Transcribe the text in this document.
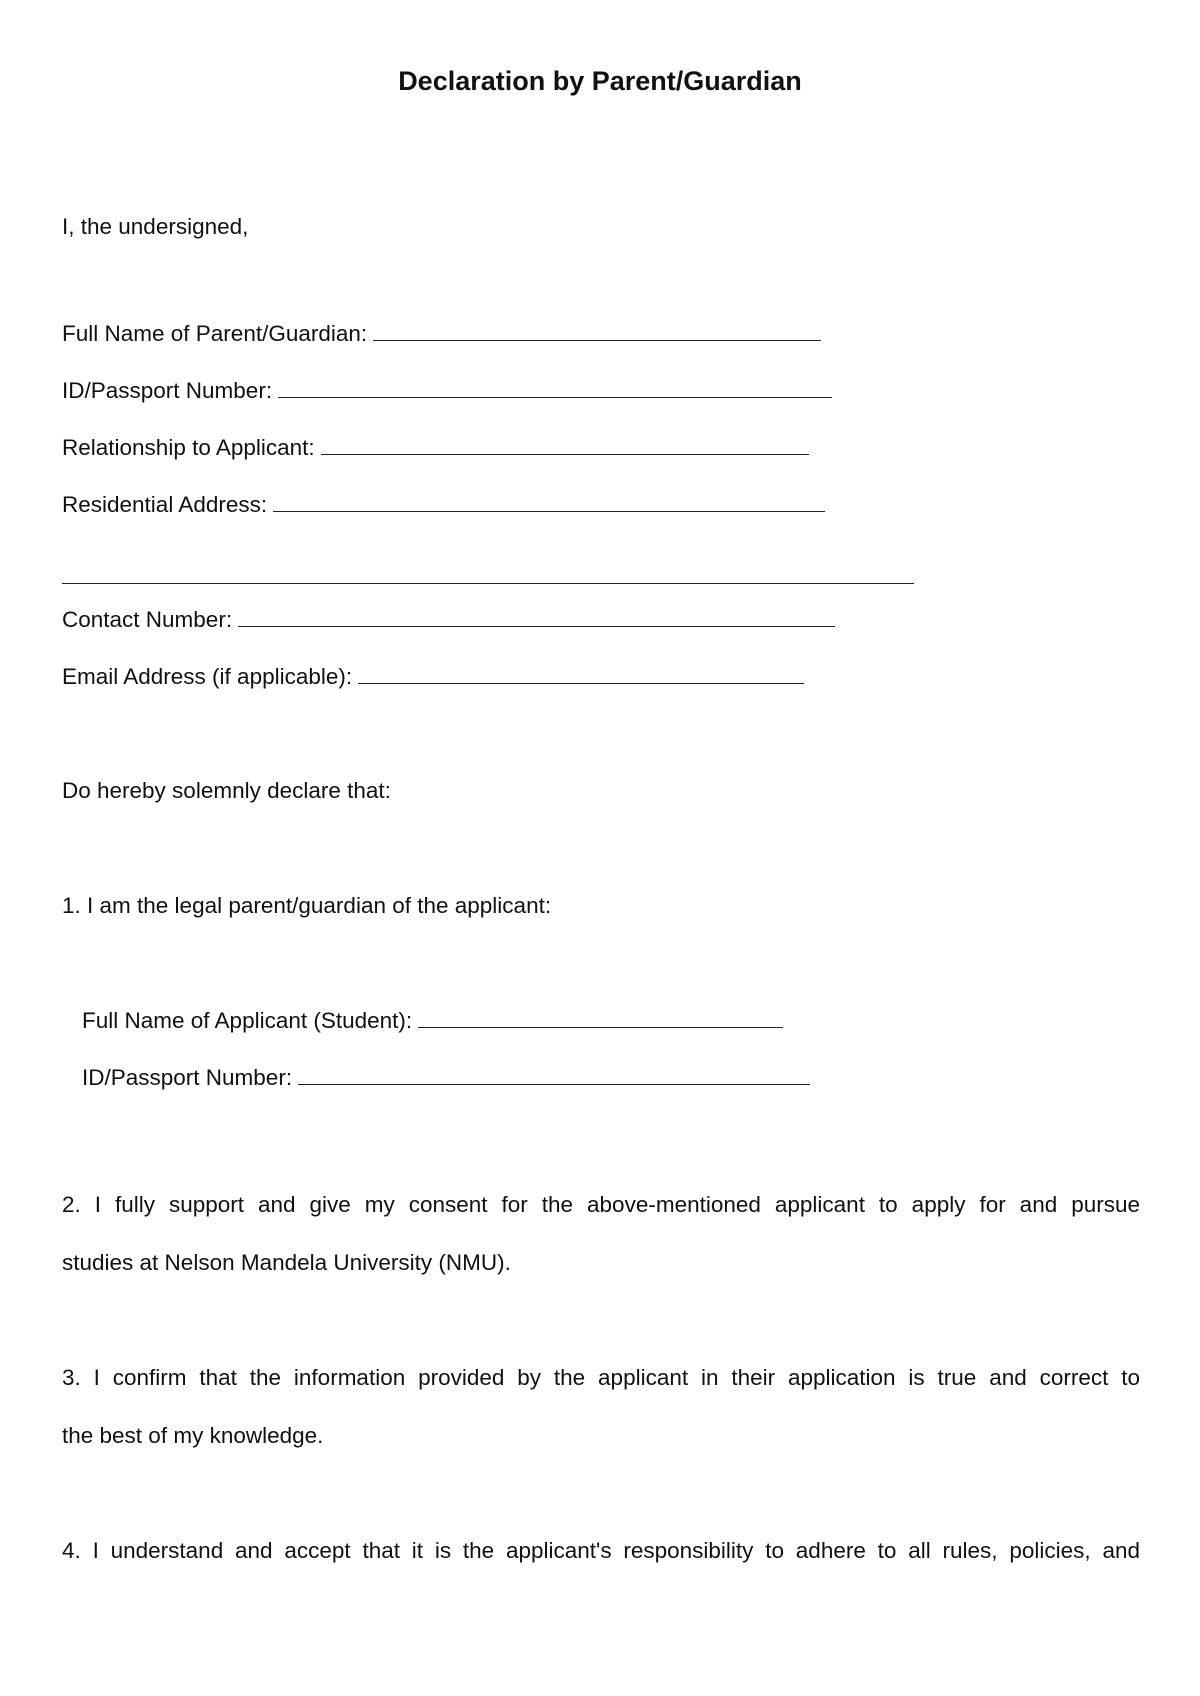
Declaration by Parent/Guardian

I, the undersigned,

Full Name of Parent/Guardian:

ID/Passport Number:

Relationship to Applicant:

Residential Address:

Contact Number:

Email Address (if applicable):

Do hereby solemnly declare that:

1. I am the legal parent/guardian of the applicant:

Full Name of Applicant (Student):

ID/Passport Number:

2. I fully support and give my consent for the above-mentioned applicant to apply for and pursue
studies at Nelson Mandela University (NMU).
3. I confirm that the information provided by the applicant in their application is true and correct to
the best of my knowledge.
4. I understand and accept that it is the applicant's responsibility to adhere to all rules, policies, and
